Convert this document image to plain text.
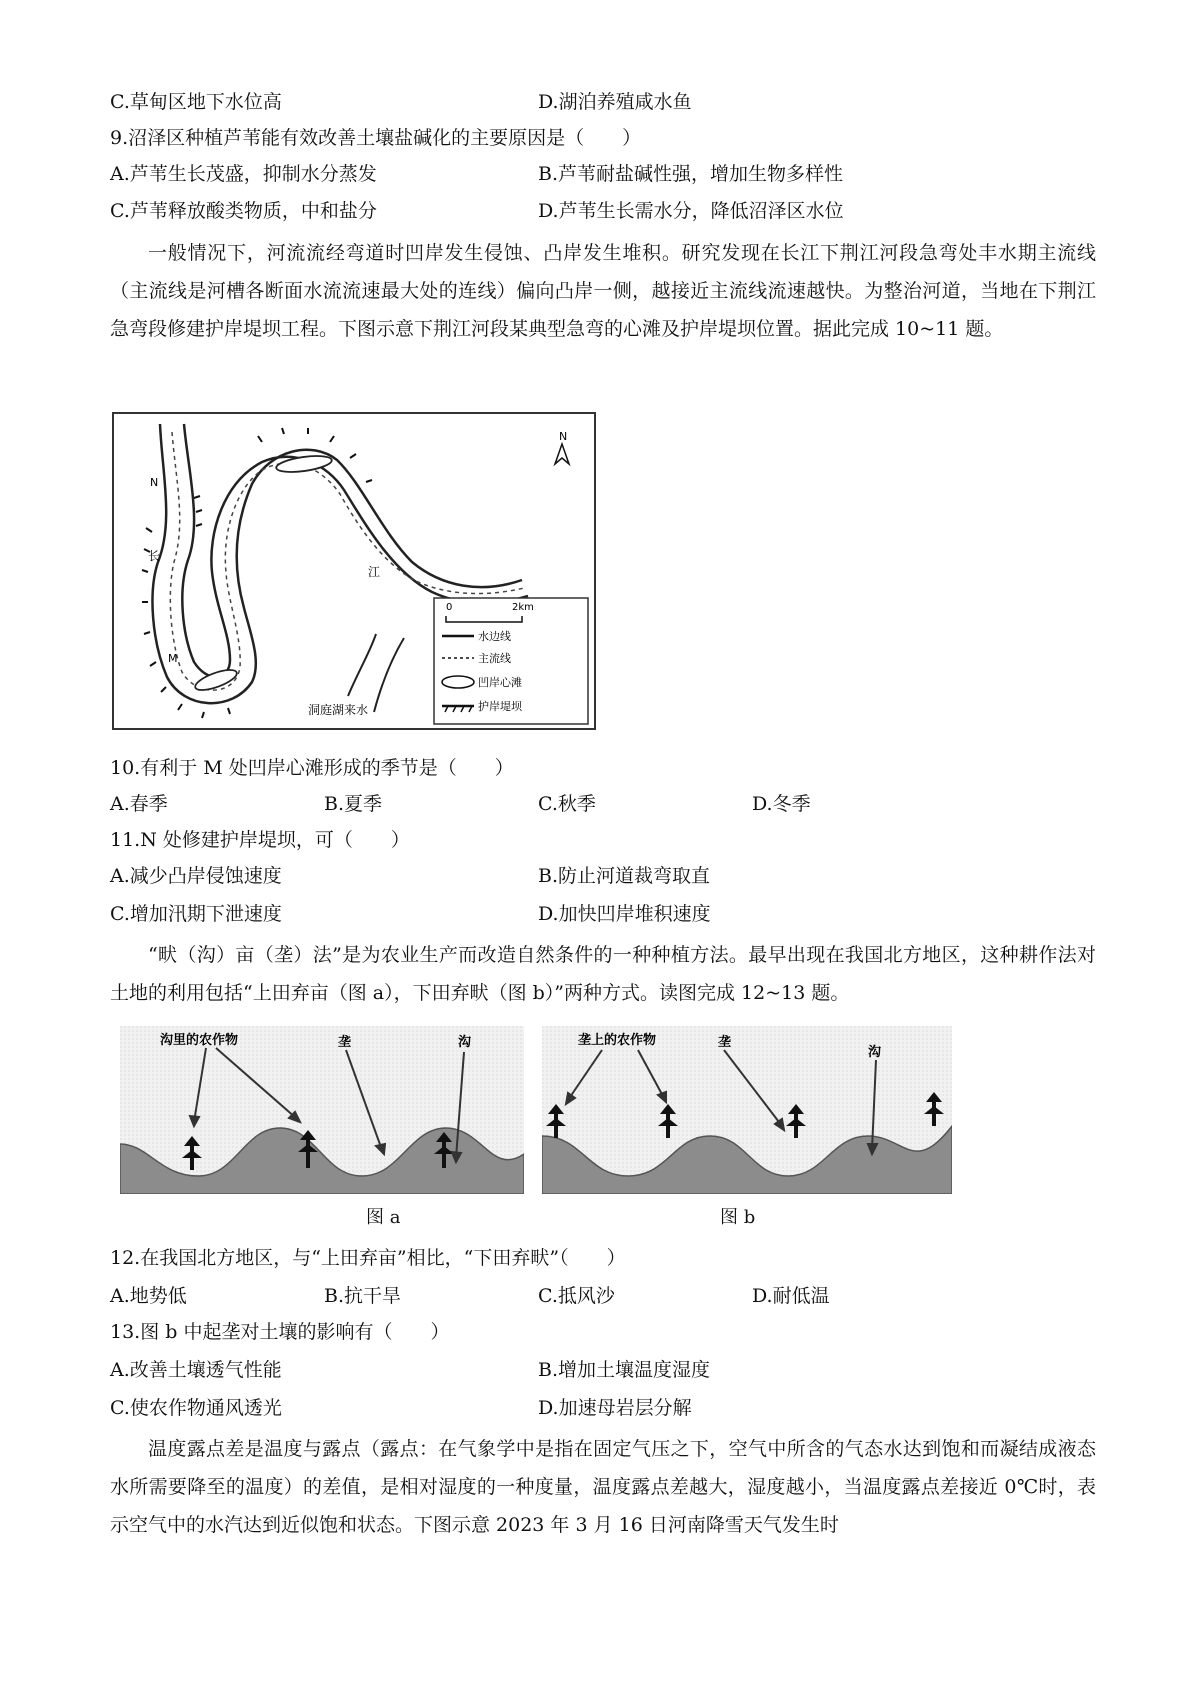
C.草甸区地下水位高	D.湖泊养殖咸水鱼
9.沼泽区种植芦苇能有效改善土壤盐碱化的主要原因是（　　）
A.芦苇生长茂盛，抑制水分蒸发	B.芦苇耐盐碱性强，增加生物多样性
C.芦苇释放酸类物质，中和盐分	D.芦苇生长需水分，降低沼泽区水位
一般情况下，河流流经弯道时凹岸发生侵蚀、凸岸发生堆积。研究发现在长江下荆江河段急弯处丰水期主流线（主流线是河槽各断面水流流速最大处的连线）偏向凸岸一侧，越接近主流线流速越快。为整治河道，当地在下荆江急弯段修建护岸堤坝工程。下图示意下荆江河段某典型急弯的心滩及护岸堤坝位置。据此完成 10~11 题。
N
长
M
江
洞庭湖来水
N
0	2km
水边线
主流线
凹岸心滩
护岸堤坝
10.有利于 M 处凹岸心滩形成的季节是（　　）
A.春季	B.夏季	C.秋季	D.冬季
11.N 处修建护岸堤坝，可（　　）
A.减少凸岸侵蚀速度	B.防止河道裁弯取直
C.增加汛期下泄速度	D.加快凹岸堆积速度
“畎（沟）亩（垄）法”是为农业生产而改造自然条件的一种种植方法。最早出现在我国北方地区，这种耕作法对土地的利用包括“上田弃亩（图 a），下田弃畎（图 b）”两种方式。读图完成 12~13 题。
沟里的农作物	垄	沟	垄上的农作物	垄
沟
图 a	图 b
12.在我国北方地区，与“上田弃亩”相比，“下田弃畎”（　　）
A.地势低	B.抗干旱	C.抵风沙	D.耐低温
13.图 b 中起垄对土壤的影响有（　　）
A.改善土壤透气性能	B.增加土壤温度湿度
C.使农作物通风透光	D.加速母岩层分解
温度露点差是温度与露点（露点：在气象学中是指在固定气压之下，空气中所含的气态水达到饱和而凝结成液态水所需要降至的温度）的差值，是相对湿度的一种度量，温度露点差越大，湿度越小，当温度露点差接近 0℃时，表示空气中的水汽达到近似饱和状态。下图示意 2023 年 3 月 16 日河南降雪天气发生时
